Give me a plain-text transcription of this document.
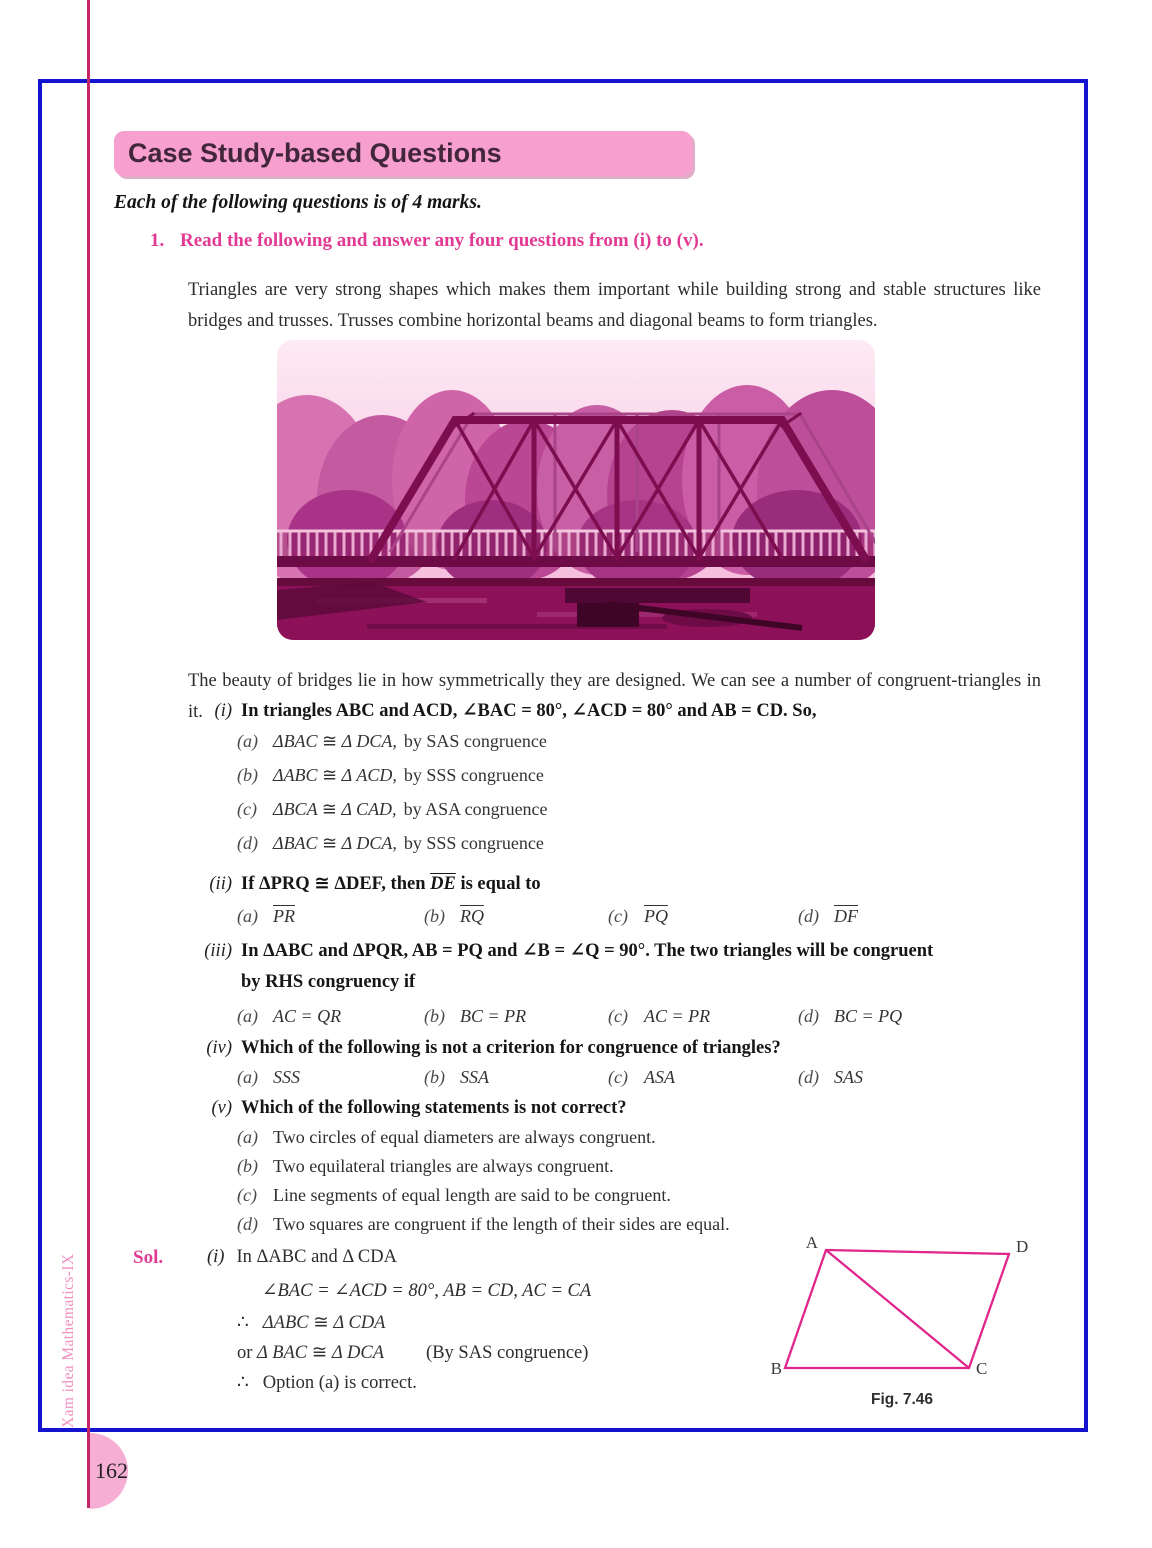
Xam idea Mathematics-IX
162
Case Study-based Questions
Each of the following questions is of 4 marks.
1. Read the following and answer any four questions from (i) to (v).

Triangles are very strong shapes which makes them important while building strong and stable structures like bridges and trusses. Trusses combine horizontal beams and diagonal beams to form triangles.

The beauty of bridges lie in how symmetrically they are designed. We can see a number of congruent-triangles in it. (i) In triangles ABC and ACD, ∠BAC = 80°, ∠ACD = 80° and AB = CD. So,
(a) ΔBAC ≅ Δ DCA, by SAS congruence
(b) ΔABC ≅ Δ ACD, by SSS congruence
(c) ΔBCA ≅ Δ CAD, by ASA congruence
(d) ΔBAC ≅ Δ DCA, by SSS congruence
(ii) If ΔPRQ ≅ ΔDEF, then $\overline{DE}$ is equal to
(a) $\overline{PR}$	(b) $\overline{RQ}$	(c) $\overline{PQ}$	(d) $\overline{DF}$
(iii) In ΔABC and ΔPQR, AB = PQ and ∠B = ∠Q = 90°. The two triangles will be congruent
by RHS congruency if
(a) AC = QR	(b) BC = PR	(c) AC = PR	(d) BC = PQ
(iv) Which of the following is not a criterion for congruence of triangles?
(a) SSS	(b) SSA	(c) ASA	(d) SAS
(v) Which of the following statements is not correct?
(a) Two circles of equal diameters are always congruent.
(b) Two equilateral triangles are always congruent.
(c) Line segments of equal length are said to be congruent.
(d) Two squares are congruent if the length of their sides are equal.
Sol. (i) In ΔABC and Δ CDA
∠BAC = ∠ACD = 80°, AB = CD, AC = CA
∴ ΔABC ≅ Δ CDA
or Δ BAC ≅ Δ DCA (By SAS congruence)
∴ Option (a) is correct.
A	D
B	C
Fig. 7.46
